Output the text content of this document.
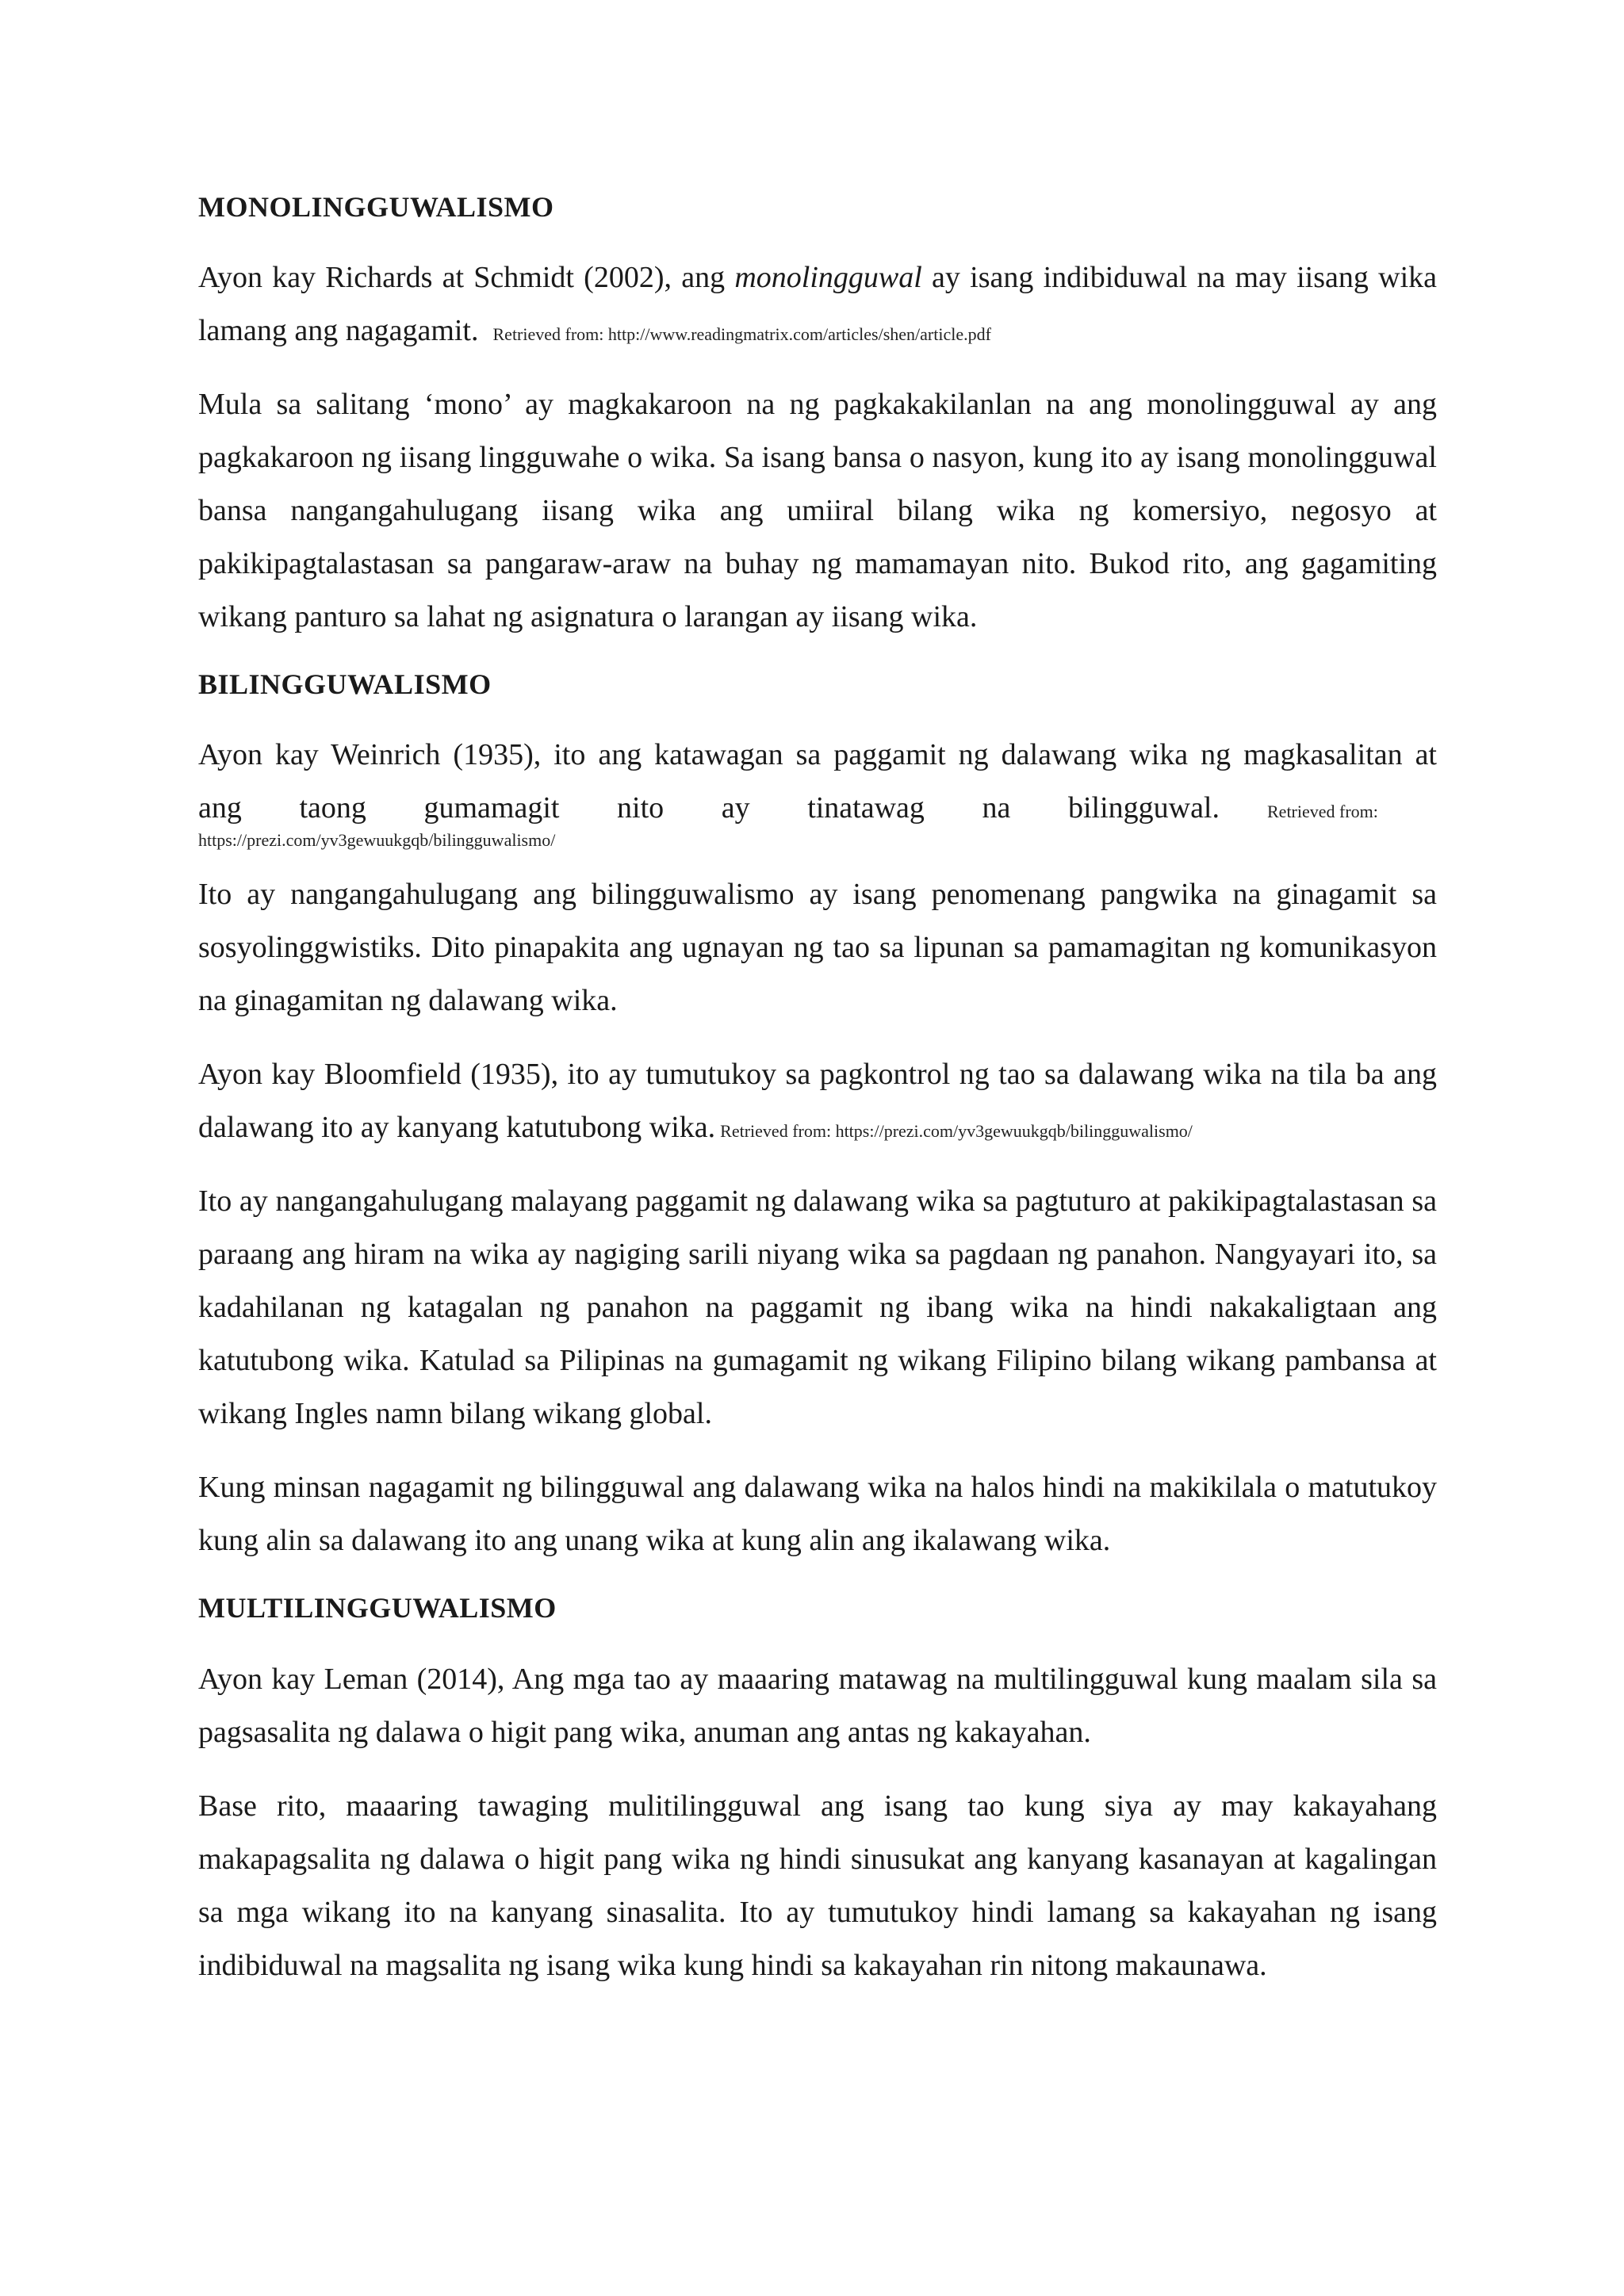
MONOLINGGUWALISMO

Ayon kay Richards at Schmidt (2002), ang monolingguwal ay isang indibiduwal na may iisang wika lamang ang nagagamit. Retrieved from: http://www.readingmatrix.com/articles/shen/article.pdf

Mula sa salitang ‘mono’ ay magkakaroon na ng pagkakakilanlan na ang monolingguwal ay ang pagkakaroon ng iisang lingguwahe o wika. Sa isang bansa o nasyon, kung ito ay isang monolingguwal bansa nangangahulugang iisang wika ang umiiral bilang wika ng komersiyo, negosyo at pakikipagtalastasan sa pangaraw-araw na buhay ng mamamayan nito. Bukod rito, ang gagamiting wikang panturo sa lahat ng asignatura o larangan ay iisang wika.

BILINGGUWALISMO

Ayon kay Weinrich (1935), ito ang katawagan sa paggamit ng dalawang wika ng magkasalitan at
ang taong gumamagit nito ay tinatawag na bilingguwal.	Retrieved from:
https://prezi.com/yv3gewuukgqb/bilingguwalismo/

Ito ay nangangahulugang ang bilingguwalismo ay isang penomenang pangwika na ginagamit sa sosyolinggwistiks. Dito pinapakita ang ugnayan ng tao sa lipunan sa pamamagitan ng komunikasyon na ginagamitan ng dalawang wika.

Ayon kay Bloomfield (1935), ito ay tumutukoy sa pagkontrol ng tao sa dalawang wika na tila ba ang dalawang ito ay kanyang katutubong wika. Retrieved from: https://prezi.com/yv3gewuukgqb/bilingguwalismo/

Ito ay nangangahulugang malayang paggamit ng dalawang wika sa pagtuturo at pakikipagtalastasan sa paraang ang hiram na wika ay nagiging sarili niyang wika sa pagdaan ng panahon. Nangyayari ito, sa kadahilanan ng katagalan ng panahon na paggamit ng ibang wika na hindi nakakaligtaan ang katutubong wika. Katulad sa Pilipinas na gumagamit ng wikang Filipino bilang wikang pambansa at wikang Ingles namn bilang wikang global.

Kung minsan nagagamit ng bilingguwal ang dalawang wika na halos hindi na makikilala o matutukoy kung alin sa dalawang ito ang unang wika at kung alin ang ikalawang wika.

MULTILINGGUWALISMO

Ayon kay Leman (2014), Ang mga tao ay maaaring matawag na multilingguwal kung maalam sila sa pagsasalita ng dalawa o higit pang wika, anuman ang antas ng kakayahan.

Base rito, maaaring tawaging mulitilingguwal ang isang tao kung siya ay may kakayahang makapagsalita ng dalawa o higit pang wika ng hindi sinusukat ang kanyang kasanayan at kagalingan sa mga wikang ito na kanyang sinasalita. Ito ay tumutukoy hindi lamang sa kakayahan ng isang indibiduwal na magsalita ng isang wika kung hindi sa kakayahan rin nitong makaunawa.
